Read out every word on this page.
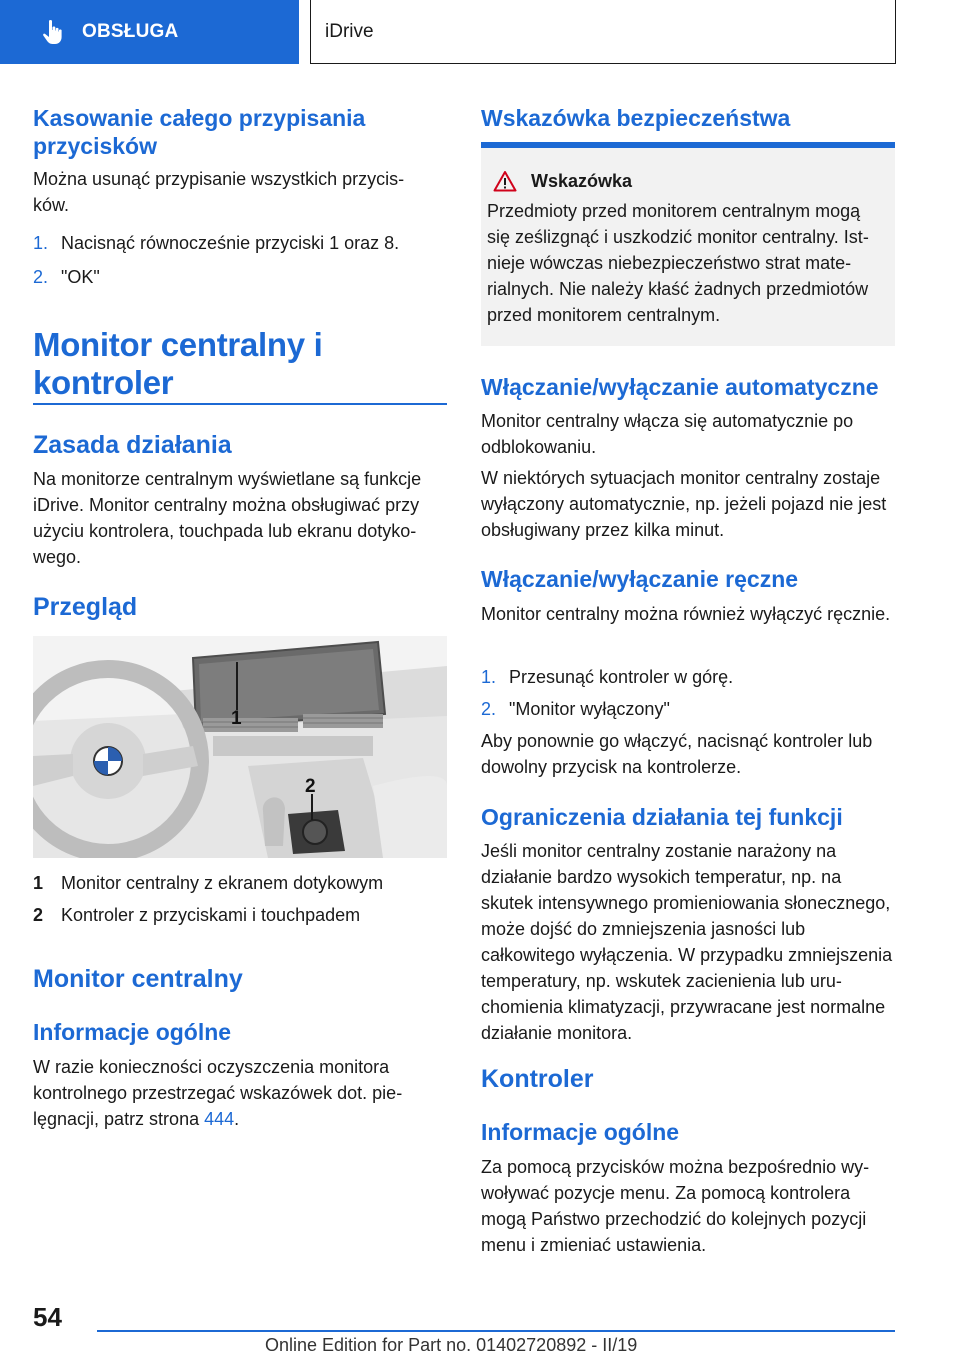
OBSŁUGA	iDrive
Kasowanie całego przypisania przycisków
Można usunąć przypisanie wszystkich przycisków.
1. Nacisnąć równocześnie przyciski 1 oraz 8.
2. "OK"
Monitor centralny i kontroler
Zasada działania
Na monitorze centralnym wyświetlane są funkcje iDrive. Monitor centralny można obsługiwać przy użyciu kontrolera, touchpada lub ekranu dotykowego.
Przegląd
1 Monitor centralny z ekranem dotykowym
2 Kontroler z przyciskami i touchpadem
Monitor centralny
Informacje ogólne
W razie konieczności oczyszczenia monitora kontrolnego przestrzegać wskazówek dot. pielęgnacji, patrz strona 444.
1
2
Wskazówka bezpieczeństwa
Wskazówka
Przedmioty przed monitorem centralnym mogą się ześlizgnąć i uszkodzić monitor centralny. Istnieje wówczas niebezpieczeństwo strat materialnych. Nie należy kłaść żadnych przedmiotów przed monitorem centralnym.
Włączanie/wyłączanie automatyczne
Monitor centralny włącza się automatycznie po odblokowaniu.
W niektórych sytuacjach monitor centralny zostaje wyłączony automatycznie, np. jeżeli pojazd nie jest obsługiwany przez kilka minut.
Włączanie/wyłączanie ręczne
Monitor centralny można również wyłączyć ręcznie.
1. Przesunąć kontroler w górę.
2. "Monitor wyłączony"
Aby ponownie go włączyć, nacisnąć kontroler lub dowolny przycisk na kontrolerze.
Ograniczenia działania tej funkcji
Jeśli monitor centralny zostanie narażony na działanie bardzo wysokich temperatur, np. na skutek intensywnego promieniowania słonecznego, może dojść do zmniejszenia jasności lub całkowitego wyłączenia. W przypadku zmniejszenia temperatury, np. wskutek zacienienia lub uruchomienia klimatyzacji, przywracane jest normalne działanie monitora.
Kontroler
Informacje ogólne
Za pomocą przycisków można bezpośrednio wywoływać pozycje menu. Za pomocą kontrolera mogą Państwo przechodzić do kolejnych pozycji menu i zmieniać ustawienia.
54
Online Edition for Part no. 01402720892 - II/19
